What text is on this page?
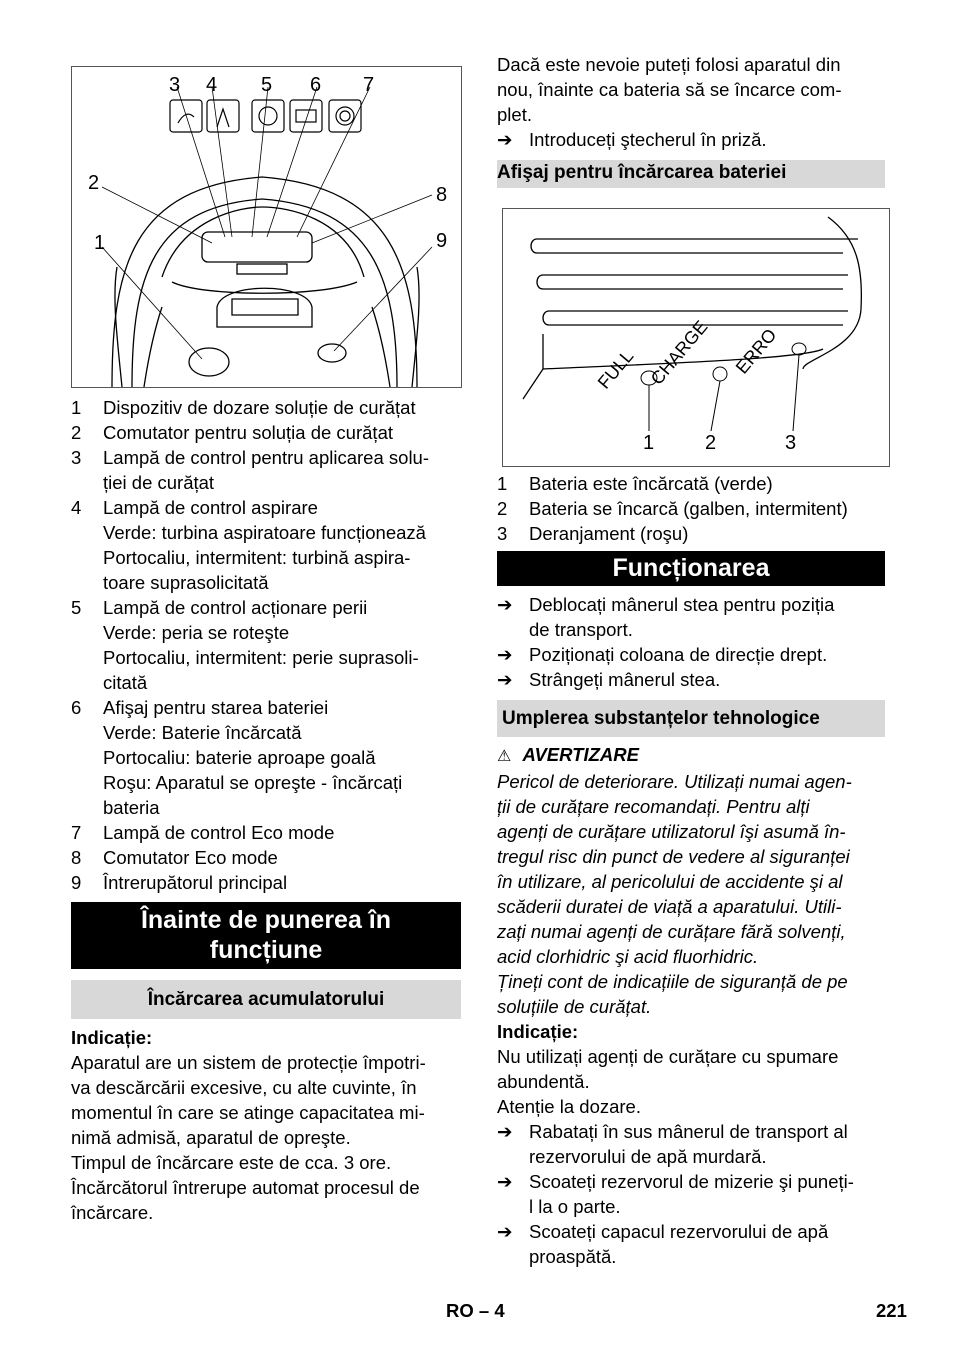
3 4 5 6 7
2
1
8
9
1	Dispozitiv de dozare soluție de curățat
2	Comutator pentru soluția de curățat
3	Lampă de control pentru aplicarea solu-
ției de curățat
4	Lampă de control aspirare
Verde: turbina aspiratoare funcționează
Portocaliu, intermitent: turbină aspira-
toare suprasolicitată
5	Lampă de control acționare perii
Verde: peria se roteşte
Portocaliu, intermitent: perie suprasoli-
citată
6	Afişaj pentru starea bateriei
Verde: Baterie încărcată
Portocaliu: baterie aproape goală
Roşu: Aparatul se opreşte - încărcați
bateria
7	Lampă de control Eco mode
8	Comutator Eco mode
9	Întrerupătorul principal
Înainte de punerea în
funcțiune
Încărcarea acumulatorului

Indicație:

Aparatul are un sistem de protecție împotri-
va descărcării excesive, cu alte cuvinte, în
momentul în care se atinge capacitatea mi-
nimă admisă, aparatul de opreşte.
Timpul de încărcare este de cca. 3 ore.
Încărcătorul întrerupe automat procesul de
încărcare.
Dacă este nevoie puteți folosi aparatul din
nou, înainte ca bateria să se încarce com-
plet.
➔ Introduceți ştecherul în priză.
Afişaj pentru încărcarea bateriei
FULL CHARGE ERRO
1	2	3
1	Bateria este încărcată (verde)
2	Bateria se încarcă (galben, intermitent)
3	Deranjament (roşu)
Funcționarea
➔ Deblocați mânerul stea pentru poziția
de transport.
➔ Poziționați coloana de direcție drept.
➔ Strângeți mânerul stea.
Umplerea substanțelor tehnologice
⚠ AVERTIZARE
Pericol de deteriorare. Utilizați numai agen-
ții de curățare recomandați. Pentru alți
agenți de curățare utilizatorul îşi asumă în-
tregul risc din punct de vedere al siguranței
în utilizare, al pericolului de accidente şi al
scăderii duratei de viață a aparatului. Utili-
zați numai agenți de curățare fără solvenți,
acid clorhidric şi acid fluorhidric.
Țineți cont de indicațiile de siguranță de pe
soluțiile de curățat.

Indicație:

Nu utilizați agenți de curățare cu spumare
abundentă.
Atenție la dozare.
➔ Rabatați în sus mânerul de transport al
rezervorului de apă murdară.
➔ Scoateți rezervorul de mizerie şi puneți-
l la o parte.
➔ Scoateți capacul rezervorului de apă
proaspătă.
RO – 4	221
